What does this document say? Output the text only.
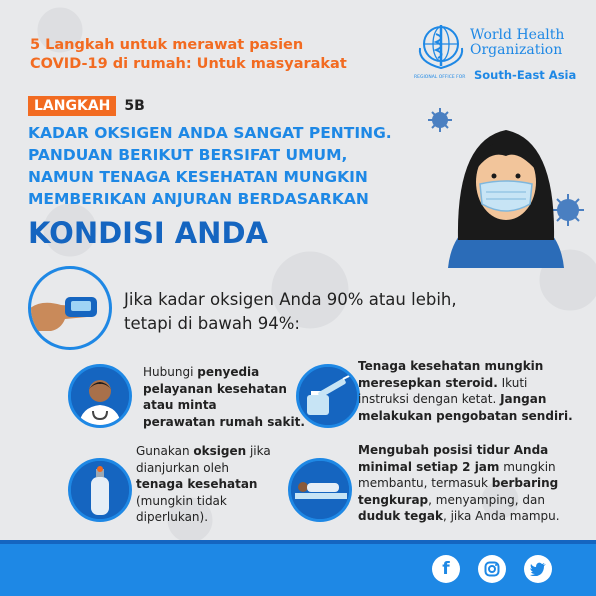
5 Langkah untuk merawat pasien
COVID-19 di rumah: Untuk masyarakat
World Health
Organization
REGIONAL OFFICE FOR South-East Asia
LANGKAH	5B
KADAR OKSIGEN ANDA SANGAT PENTING.
PANDUAN BERIKUT BERSIFAT UMUM,
NAMUN TENAGA KESEHATAN MUNGKIN
MEMBERIKAN ANJURAN BERDASARKAN
KONDISI ANDA
Jika kadar oksigen Anda 90% atau lebih,
tetapi di bawah 94%:
Hubungi penyedia
pelayanan kesehatan
atau minta
perawatan rumah sakit.
Tenaga kesehatan mungkin
meresepkan steroid. Ikuti
instruksi dengan ketat. Jangan
melakukan pengobatan sendiri.
Gunakan oksigen jika
dianjurkan oleh
tenaga kesehatan
(mungkin tidak
diperlukan).
Mengubah posisi tidur Anda
minimal setiap 2 jam mungkin
membantu, termasuk berbaring
tengkurap, menyamping, dan
duduk tegak, jika Anda mampu.
f
